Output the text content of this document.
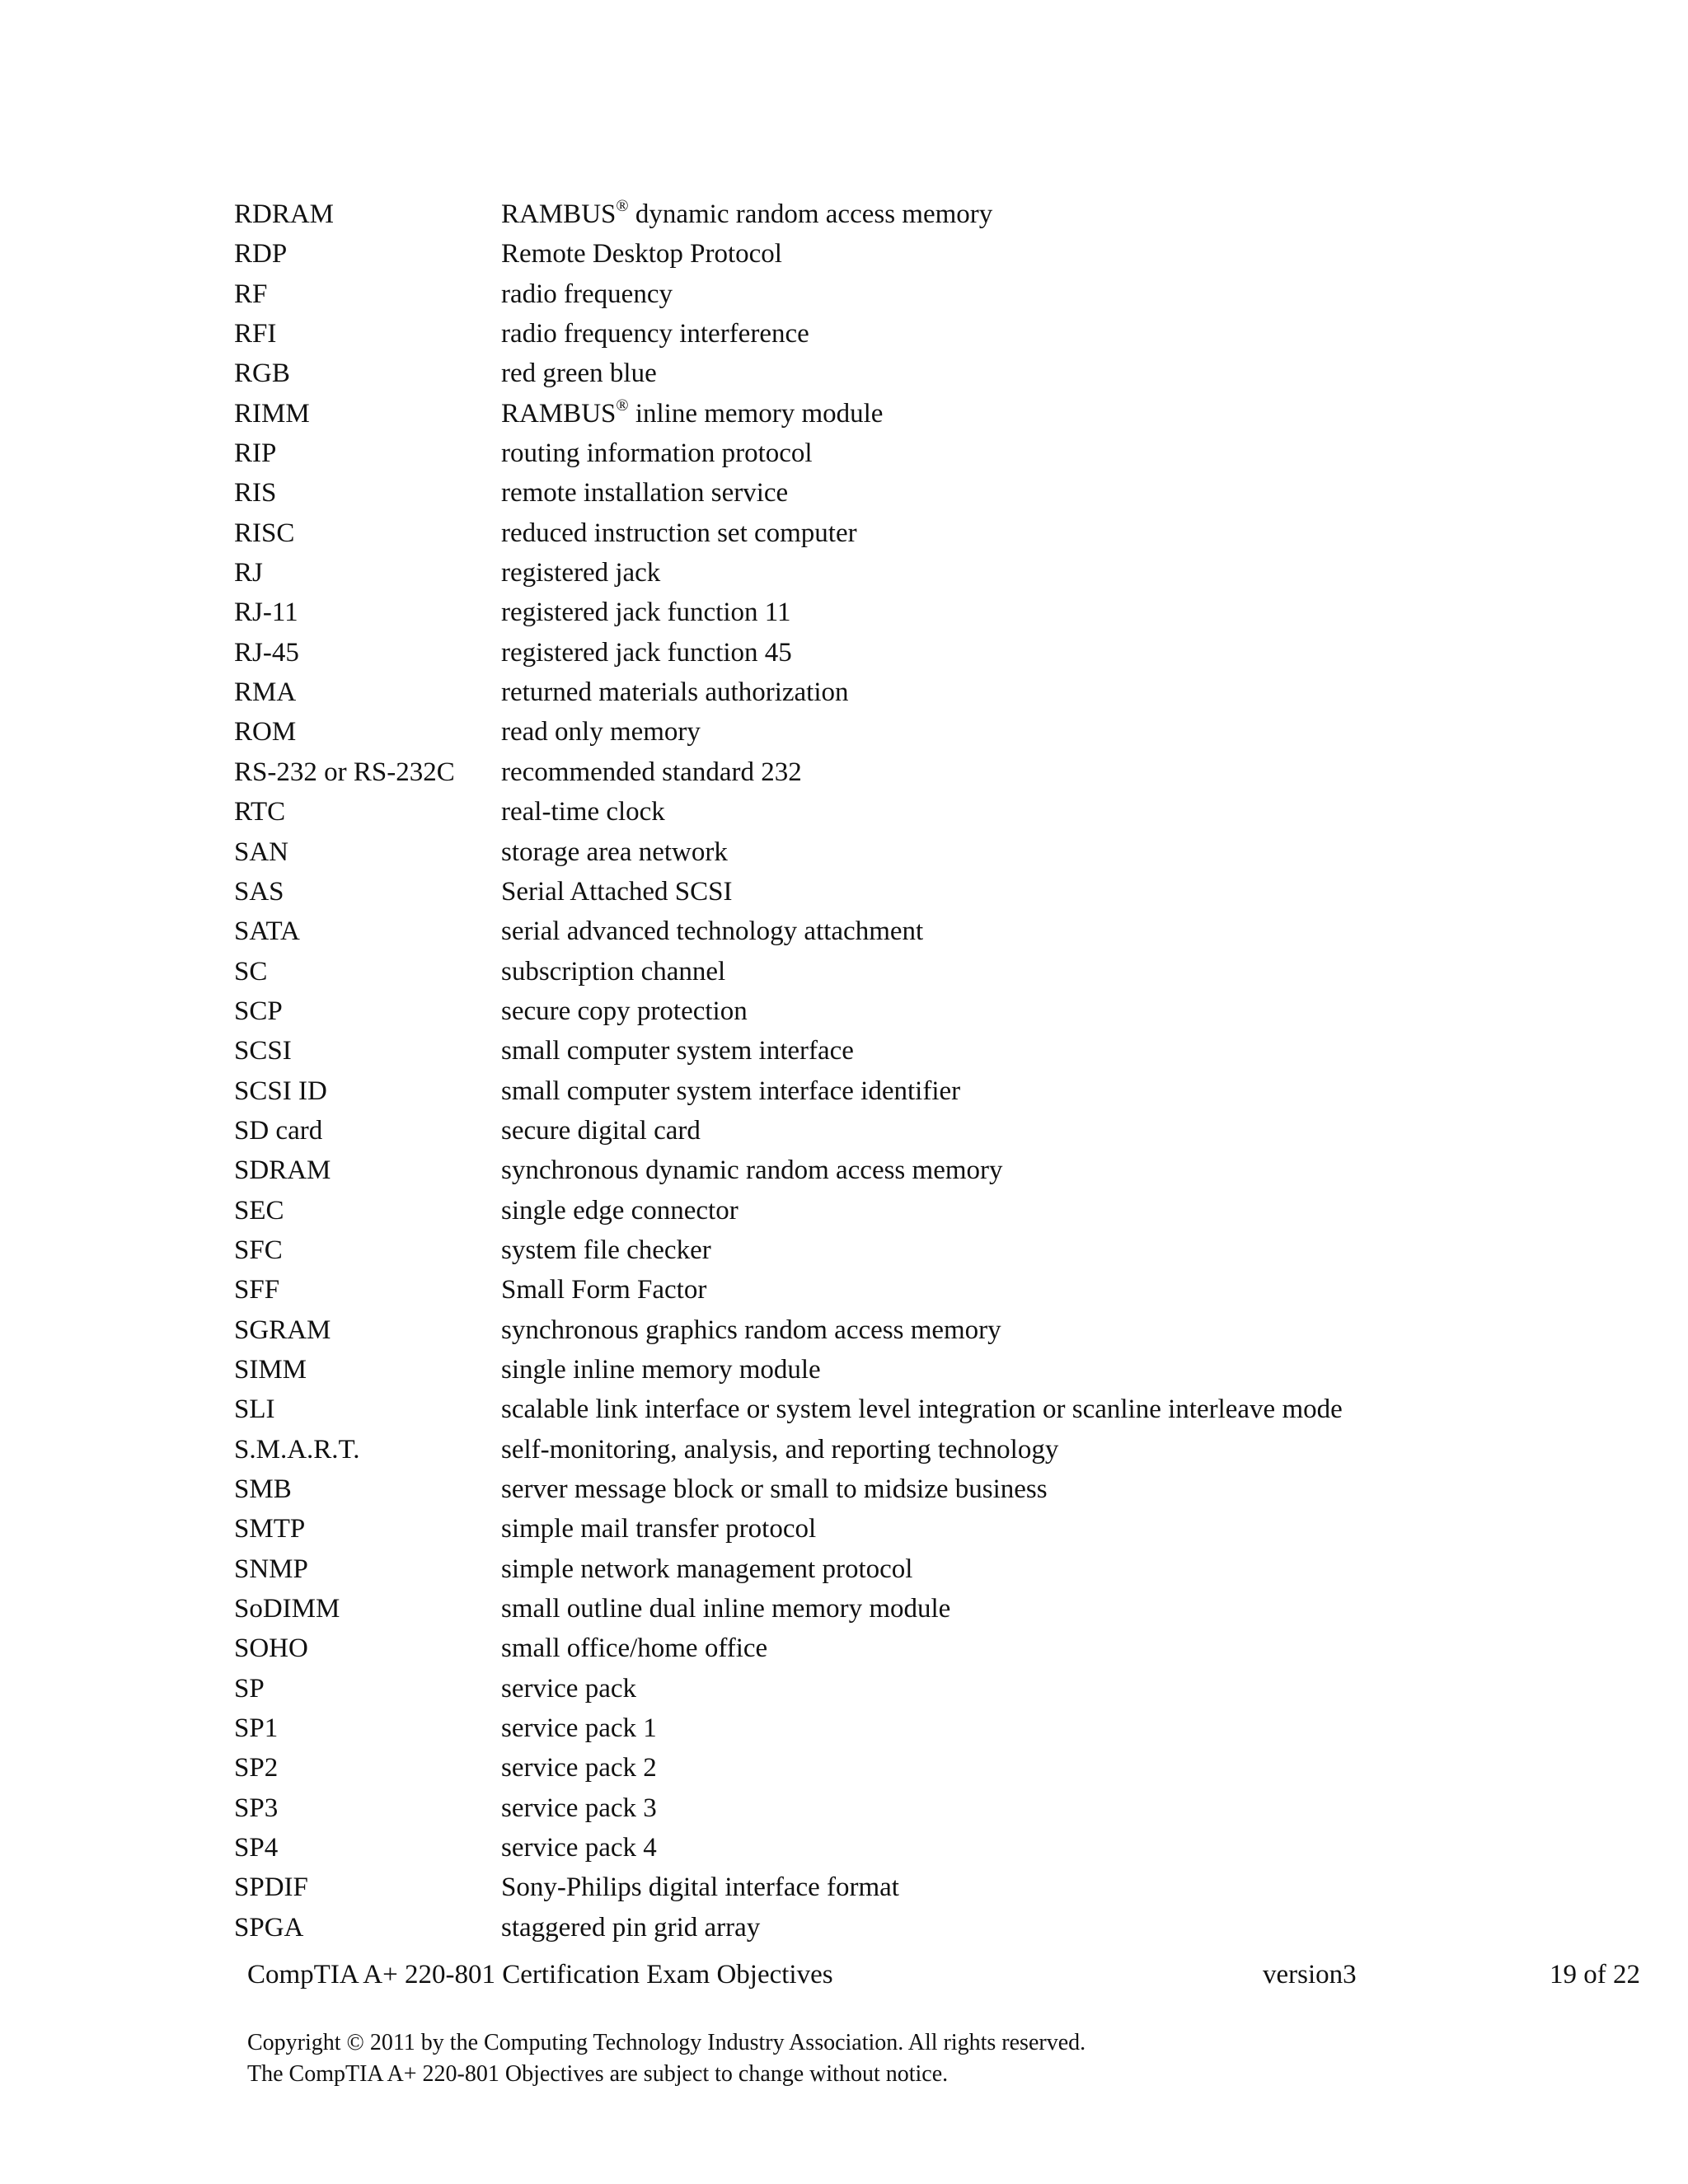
RDRAM	RAMBUS® dynamic random access memory
RDP	Remote Desktop Protocol
RF	radio frequency
RFI	radio frequency interference
RGB	red green blue
RIMM	RAMBUS® inline memory module
RIP	routing information protocol
RIS	remote installation service
RISC	reduced instruction set computer
RJ	registered jack
RJ-11	registered jack function 11
RJ-45	registered jack function 45
RMA	returned materials authorization
ROM	read only memory
RS-232 or RS-232C	recommended standard 232
RTC	real-time clock
SAN	storage area network
SAS	Serial Attached SCSI
SATA	serial advanced technology attachment
SC	subscription channel
SCP	secure copy protection
SCSI	small computer system interface
SCSI ID	small computer system interface identifier
SD card	secure digital card
SDRAM	synchronous dynamic random access memory
SEC	single edge connector
SFC	system file checker
SFF	Small Form Factor
SGRAM	synchronous graphics random access memory
SIMM	single inline memory module
SLI	scalable link interface or system level integration or scanline interleave mode
S.M.A.R.T.	self-monitoring, analysis, and reporting technology
SMB	server message block or small to midsize business
SMTP	simple mail transfer protocol
SNMP	simple network management protocol
SoDIMM	small outline dual inline memory module
SOHO	small office/home office
SP	service pack
SP1	service pack 1
SP2	service pack 2
SP3	service pack 3
SP4	service pack 4
SPDIF	Sony-Philips digital interface format
SPGA	staggered pin grid array
CompTIA A+ 220-801 Certification Exam Objectives	version3	19 of 22
Copyright © 2011 by the Computing Technology Industry Association. All rights reserved.
The CompTIA A+ 220-801 Objectives are subject to change without notice.
